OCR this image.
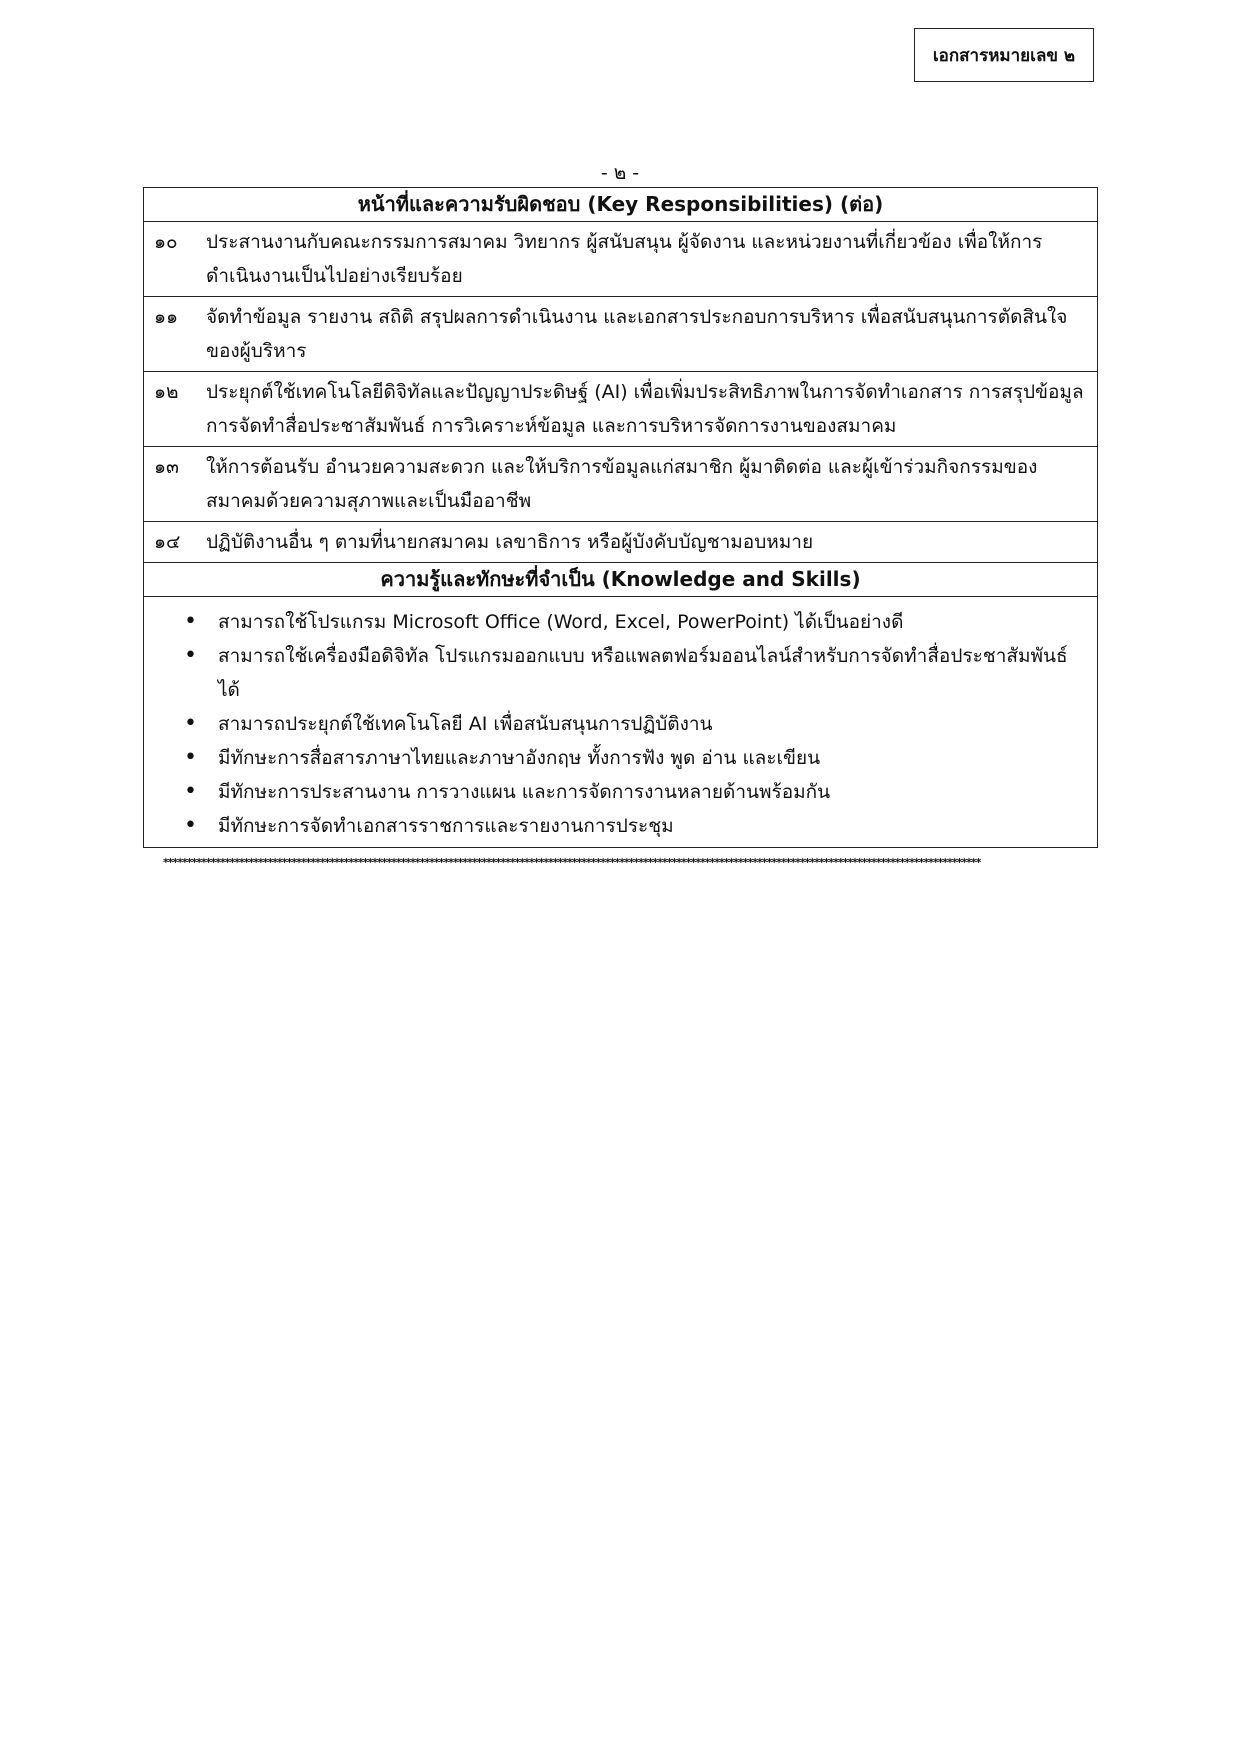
เอกสารหมายเลข ๒
- ๒ -
หน้าที่และความรับผิดชอบ (Key Responsibilities) (ต่อ)

๑๐	ประสานงานกับคณะกรรมการสมาคม วิทยากร ผู้สนับสนุน ผู้จัดงาน และหน่วยงานที่เกี่ยวข้อง เพื่อให้การดำเนินงานเป็นไปอย่างเรียบร้อย

๑๑	จัดทำข้อมูล รายงาน สถิติ สรุปผลการดำเนินงาน และเอกสารประกอบการบริหาร เพื่อสนับสนุนการตัดสินใจของผู้บริหาร

๑๒	ประยุกต์ใช้เทคโนโลยีดิจิทัลและปัญญาประดิษฐ์ (AI) เพื่อเพิ่มประสิทธิภาพในการจัดทำเอกสาร การสรุปข้อมูล การจัดทำสื่อประชาสัมพันธ์ การวิเคราะห์ข้อมูล และการบริหารจัดการงานของสมาคม

๑๓	ให้การต้อนรับ อำนวยความสะดวก และให้บริการข้อมูลแก่สมาชิก ผู้มาติดต่อ และผู้เข้าร่วมกิจกรรมของสมาคมด้วยความสุภาพและเป็นมืออาชีพ

๑๔	ปฏิบัติงานอื่น ๆ ตามที่นายกสมาคม เลขาธิการ หรือผู้บังคับบัญชามอบหมาย

ความรู้และทักษะที่จำเป็น (Knowledge and Skills)

•	สามารถใช้โปรแกรม Microsoft Office (Word, Excel, PowerPoint) ได้เป็นอย่างดี
•	สามารถใช้เครื่องมือดิจิทัล โปรแกรมออกแบบ หรือแพลตฟอร์มออนไลน์สำหรับการจัดทำสื่อประชาสัมพันธ์ได้
•	สามารถประยุกต์ใช้เทคโนโลยี AI เพื่อสนับสนุนการปฏิบัติงาน
•	มีทักษะการสื่อสารภาษาไทยและภาษาอังกฤษ ทั้งการฟัง พูด อ่าน และเขียน
•	มีทักษะการประสานงาน การวางแผน และการจัดการงานหลายด้านพร้อมกัน
•	มีทักษะการจัดทำเอกสารราชการและรายงานการประชุม
****************************************************************************************************************************************************************************
